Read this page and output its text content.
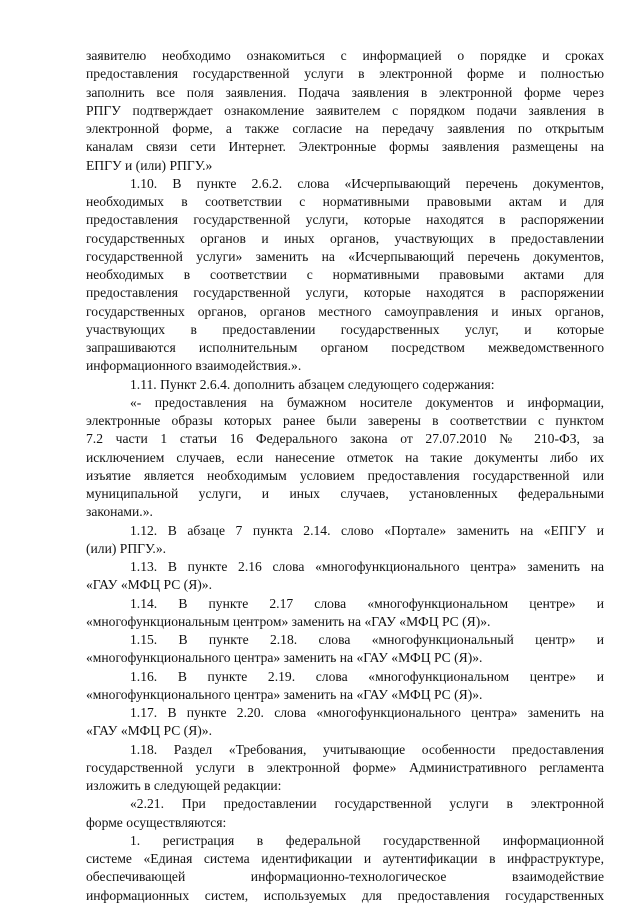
заявителю необходимо ознакомиться с информацией о порядке и сроках
предоставления государственной услуги в электронной форме и полностью
заполнить все поля заявления. Подача заявления в электронной форме через
РПГУ подтверждает ознакомление заявителем с порядком подачи заявления в
электронной форме, а также согласие на передачу заявления по открытым
каналам связи сети Интернет. Электронные формы заявления размещены на
ЕПГУ и (или) РПГУ.»
1.10. В пункте 2.6.2. слова «Исчерпывающий перечень документов,
необходимых в соответствии с нормативными правовыми актам и для
предоставления государственной услуги, которые находятся в распоряжении
государственных органов и иных органов, участвующих в предоставлении
государственной услуги» заменить на «Исчерпывающий перечень документов,
необходимых в соответствии с нормативными правовыми актами для
предоставления государственной услуги, которые находятся в распоряжении
государственных органов, органов местного самоуправления и иных органов,
участвующих в предоставлении государственных услуг, и которые
запрашиваются исполнительным органом посредством межведомственного
информационного взаимодействия.».
1.11. Пункт 2.6.4. дополнить абзацем следующего содержания:
«- предоставления на бумажном носителе документов и информации,
электронные образы которых ранее были заверены в соответствии с пунктом
7.2 части 1 статьи 16 Федерального закона от 27.07.2010 № 210-ФЗ, за
исключением случаев, если нанесение отметок на такие документы либо их
изъятие является необходимым условием предоставления государственной или
муниципальной услуги, и иных случаев, установленных федеральными
законами.».
1.12. В абзаце 7 пункта 2.14. слово «Портале» заменить на «ЕПГУ и
(или) РПГУ.».
1.13. В пункте 2.16 слова «многофункционального центра» заменить на
«ГАУ «МФЦ РС (Я)».
1.14. В пункте 2.17 слова «многофункциональном центре» и
«многофункциональным центром» заменить на «ГАУ «МФЦ РС (Я)».
1.15. В пункте 2.18. слова «многофункциональный центр» и
«многофункционального центра» заменить на «ГАУ «МФЦ РС (Я)».
1.16. В пункте 2.19. слова «многофункциональном центре» и
«многофункционального центра» заменить на «ГАУ «МФЦ РС (Я)».
1.17. В пункте 2.20. слова «многофункционального центра» заменить на
«ГАУ «МФЦ РС (Я)».
1.18. Раздел «Требования, учитывающие особенности предоставления
государственной услуги в электронной форме» Административного регламента
изложить в следующей редакции:
«2.21. При предоставлении государственной услуги в электронной
форме осуществляются:
1. регистрация в федеральной государственной информационной
системе «Единая система идентификации и аутентификации в инфраструктуре,
обеспечивающей информационно-технологическое взаимодействие
информационных систем, используемых для предоставления государственных
